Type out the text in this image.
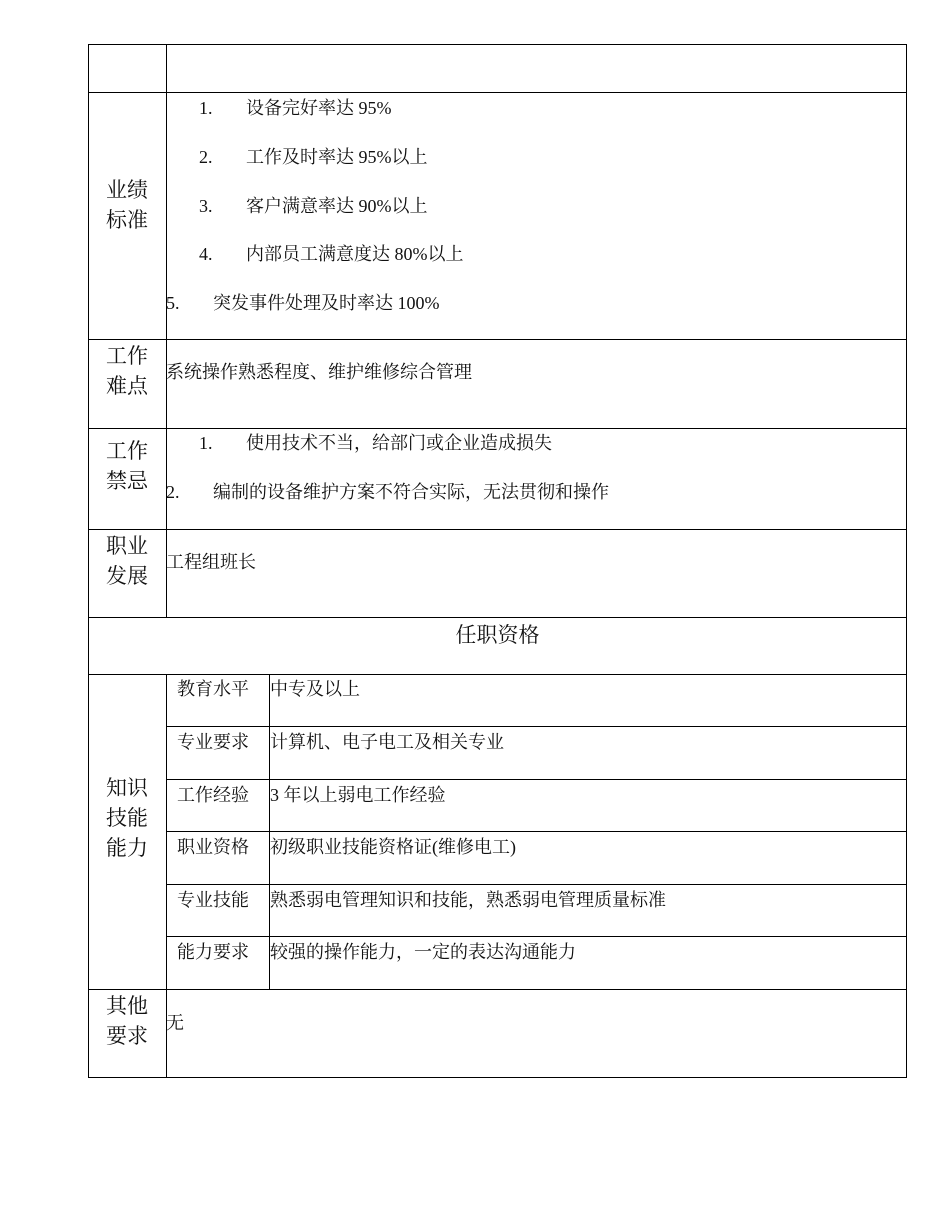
业绩
标准
1. 设备完好率达 95%
2. 工作及时率达 95%以上
3. 客户满意率达 90%以上
4. 内部员工满意度达 80%以上
5. 突发事件处理及时率达 100%
工作
难点
系统操作熟悉程度、维护维修综合管理
工作
禁忌
1. 使用技术不当，给部门或企业造成损失
2. 编制的设备维护方案不符合实际，无法贯彻和操作
职业
发展
工程组班长
任职资格
知识
技能
能力
教育水平 中专及以上
专业要求 计算机、电子电工及相关专业
工作经验 3 年以上弱电工作经验
职业资格 初级职业技能资格证(维修电工)
专业技能 熟悉弱电管理知识和技能，熟悉弱电管理质量标准
能力要求 较强的操作能力，一定的表达沟通能力
其他
要求
无
